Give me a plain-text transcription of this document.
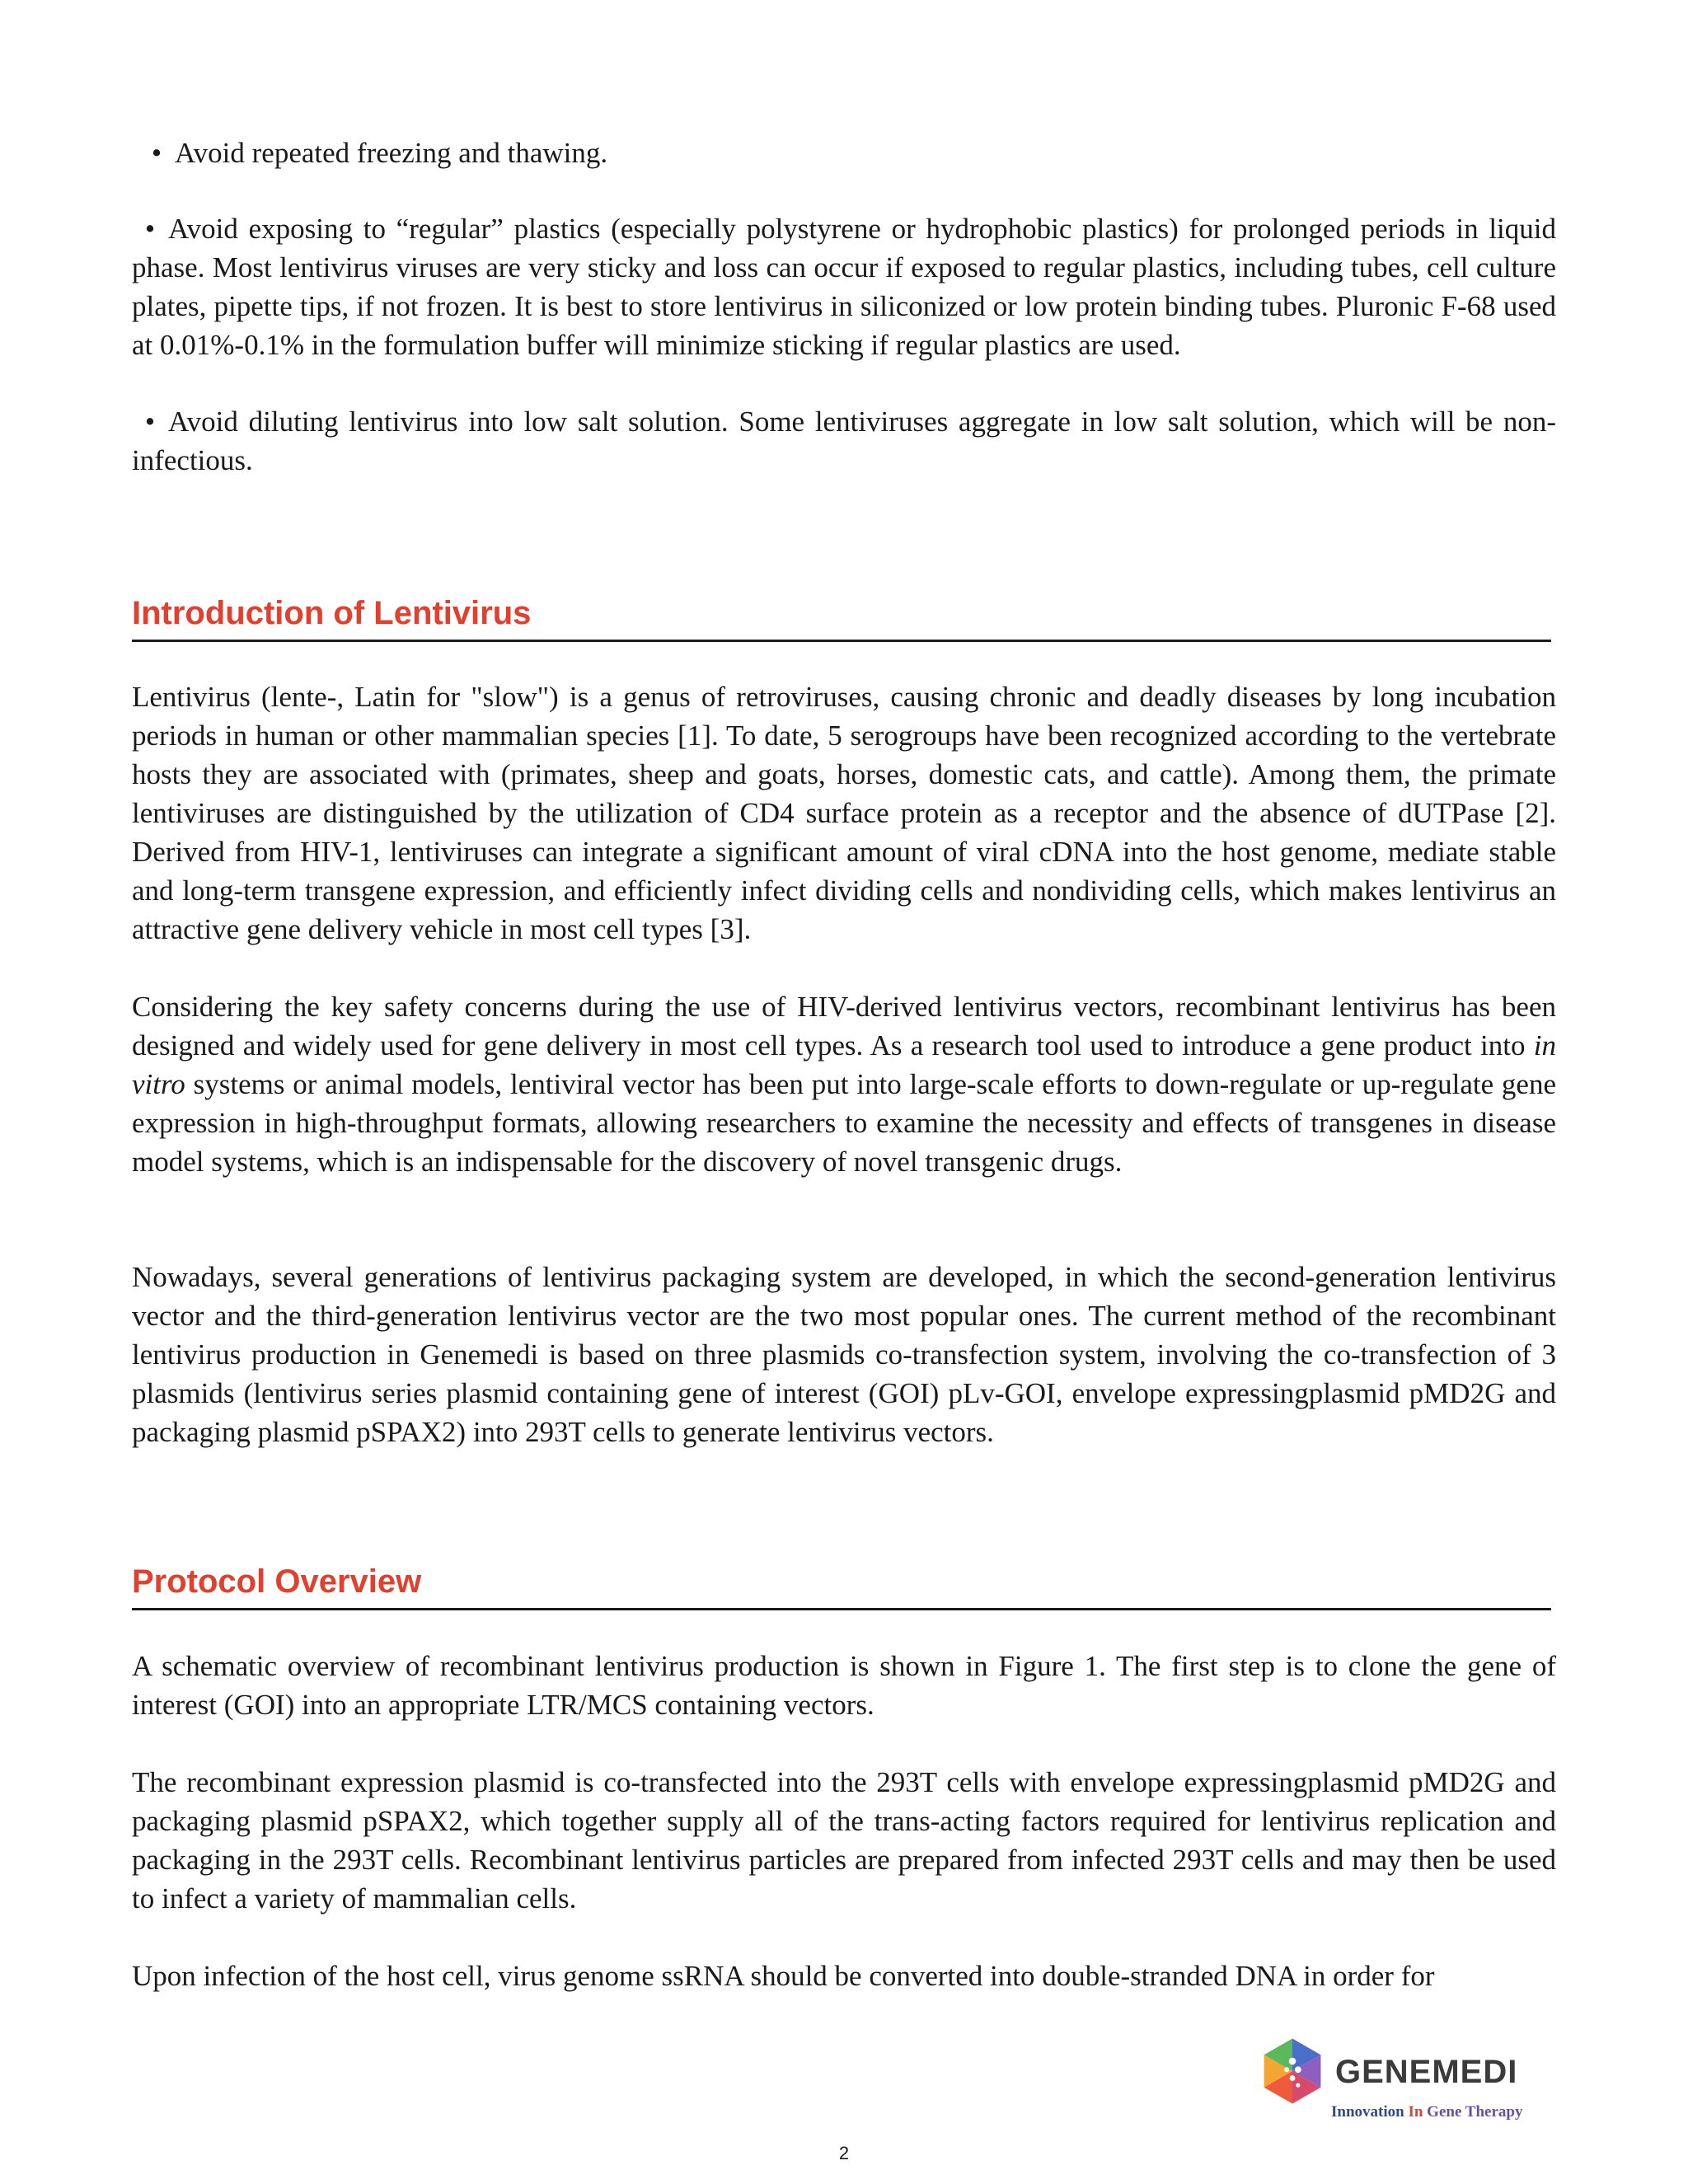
• Avoid repeated freezing and thawing.

• Avoid exposing to “regular” plastics (especially polystyrene or hydrophobic plastics) for prolonged periods in liquid phase. Most lentivirus viruses are very sticky and loss can occur if exposed to regular plastics, including tubes, cell culture plates, pipette tips, if not frozen. It is best to store lentivirus in siliconized or low protein binding tubes. Pluronic F-68 used at 0.01%-0.1% in the formulation buffer will minimize sticking if regular plastics are used.

• Avoid diluting lentivirus into low salt solution. Some lentiviruses aggregate in low salt solution, which will be non-infectious.

Introduction of Lentivirus

Lentivirus (lente-, Latin for "slow") is a genus of retroviruses, causing chronic and deadly diseases by long incubation periods in human or other mammalian species [1]. To date, 5 serogroups have been recognized according to the vertebrate hosts they are associated with (primates, sheep and goats, horses, domestic cats, and cattle). Among them, the primate lentiviruses are distinguished by the utilization of CD4 surface protein as a receptor and the absence of dUTPase [2]. Derived from HIV-1, lentiviruses can integrate a significant amount of viral cDNA into the host genome, mediate stable and long-term transgene expression, and efficiently infect dividing cells and nondividing cells, which makes lentivirus an attractive gene delivery vehicle in most cell types [3].

Considering the key safety concerns during the use of HIV-derived lentivirus vectors, recombinant lentivirus has been designed and widely used for gene delivery in most cell types. As a research tool used to introduce a gene product into in vitro systems or animal models, lentiviral vector has been put into large-scale efforts to down-regulate or up-regulate gene expression in high-throughput formats, allowing researchers to examine the necessity and effects of transgenes in disease model systems, which is an indispensable for the discovery of novel transgenic drugs.

Nowadays, several generations of lentivirus packaging system are developed, in which the second-generation lentivirus vector and the third-generation lentivirus vector are the two most popular ones. The current method of the recombinant lentivirus production in Genemedi is based on three plasmids co-transfection system, involving the co-transfection of 3 plasmids (lentivirus series plasmid containing gene of interest (GOI) pLv-GOI, envelope expressingplasmid pMD2G and packaging plasmid pSPAX2) into 293T cells to generate lentivirus vectors.

Protocol Overview

A schematic overview of recombinant lentivirus production is shown in Figure 1. The first step is to clone the gene of interest (GOI) into an appropriate LTR/MCS containing vectors.

The recombinant expression plasmid is co-transfected into the 293T cells with envelope expressingplasmid pMD2G and packaging plasmid pSPAX2, which together supply all of the trans-acting factors required for lentivirus replication and packaging in the 293T cells. Recombinant lentivirus particles are prepared from infected 293T cells and may then be used to infect a variety of mammalian cells.

Upon infection of the host cell, virus genome ssRNA should be converted into double-stranded DNA in order for

GENEMEDI
Innovation In Gene Therapy
2
